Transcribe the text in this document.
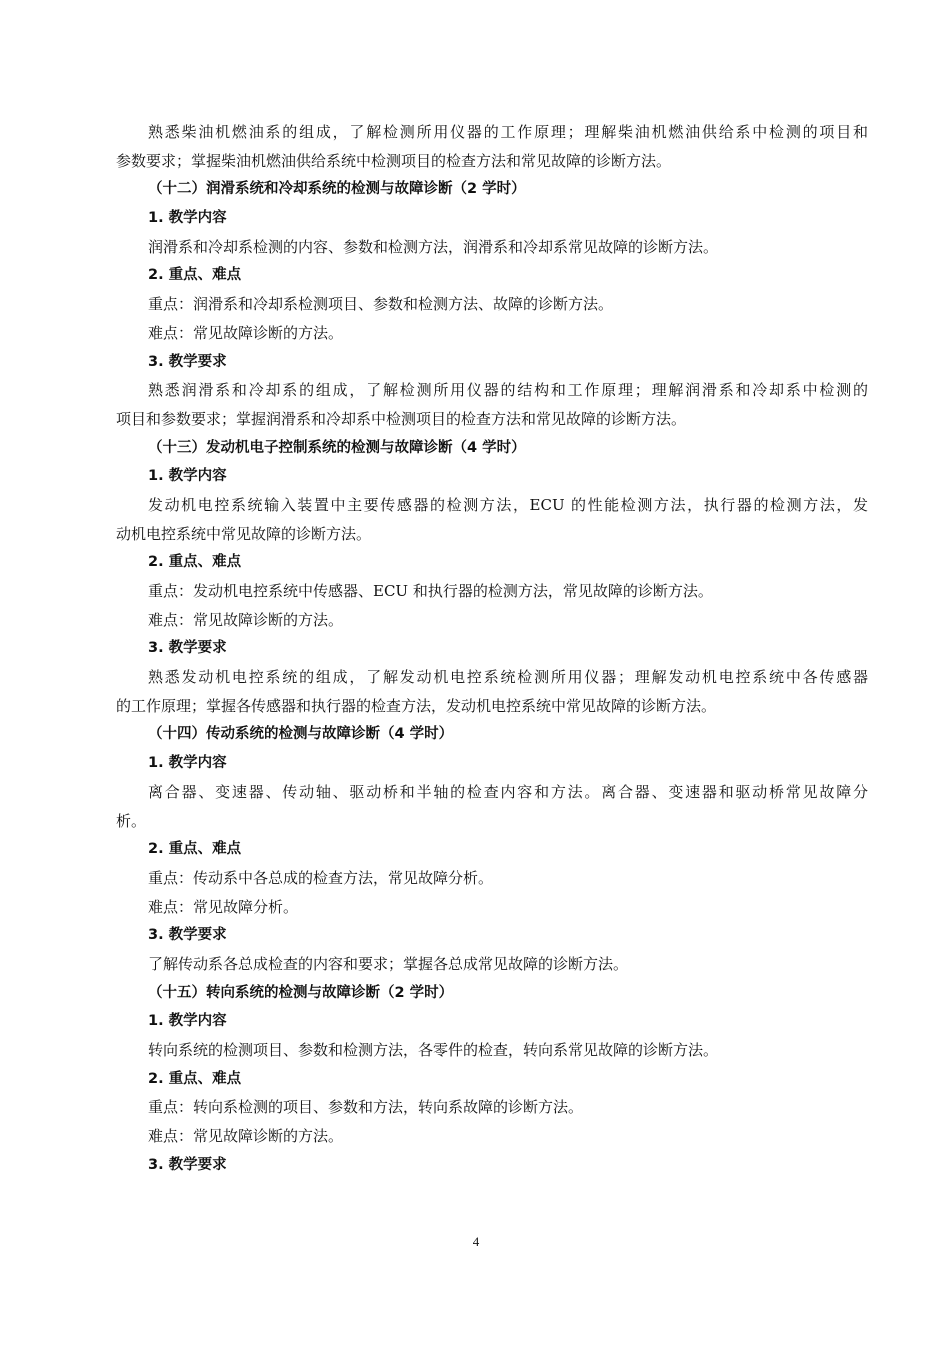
熟悉柴油机燃油系的组成，了解检测所用仪器的工作原理；理解柴油机燃油供给系中检测的项目和
参数要求；掌握柴油机燃油供给系统中检测项目的检查方法和常见故障的诊断方法。
（十二）润滑系统和冷却系统的检测与故障诊断（2 学时）
1. 教学内容
润滑系和冷却系检测的内容、参数和检测方法，润滑系和冷却系常见故障的诊断方法。
2. 重点、难点
重点：润滑系和冷却系检测项目、参数和检测方法、故障的诊断方法。
难点：常见故障诊断的方法。
3. 教学要求
熟悉润滑系和冷却系的组成，了解检测所用仪器的结构和工作原理；理解润滑系和冷却系中检测的
项目和参数要求；掌握润滑系和冷却系中检测项目的检查方法和常见故障的诊断方法。
（十三）发动机电子控制系统的检测与故障诊断（4 学时）
1. 教学内容
发动机电控系统输入装置中主要传感器的检测方法，ECU 的性能检测方法，执行器的检测方法，发
动机电控系统中常见故障的诊断方法。
2. 重点、难点
重点：发动机电控系统中传感器、ECU 和执行器的检测方法，常见故障的诊断方法。
难点：常见故障诊断的方法。
3. 教学要求
熟悉发动机电控系统的组成，了解发动机电控系统检测所用仪器；理解发动机电控系统中各传感器
的工作原理；掌握各传感器和执行器的检查方法，发动机电控系统中常见故障的诊断方法。
（十四）传动系统的检测与故障诊断（4 学时）
1. 教学内容
离合器、变速器、传动轴、驱动桥和半轴的检查内容和方法。离合器、变速器和驱动桥常见故障分
析。
2. 重点、难点
重点：传动系中各总成的检查方法，常见故障分析。
难点：常见故障分析。
3. 教学要求
了解传动系各总成检查的内容和要求；掌握各总成常见故障的诊断方法。
（十五）转向系统的检测与故障诊断（2 学时）
1. 教学内容
转向系统的检测项目、参数和检测方法，各零件的检查，转向系常见故障的诊断方法。
2. 重点、难点
重点：转向系检测的项目、参数和方法，转向系故障的诊断方法。
难点：常见故障诊断的方法。
3. 教学要求
4
